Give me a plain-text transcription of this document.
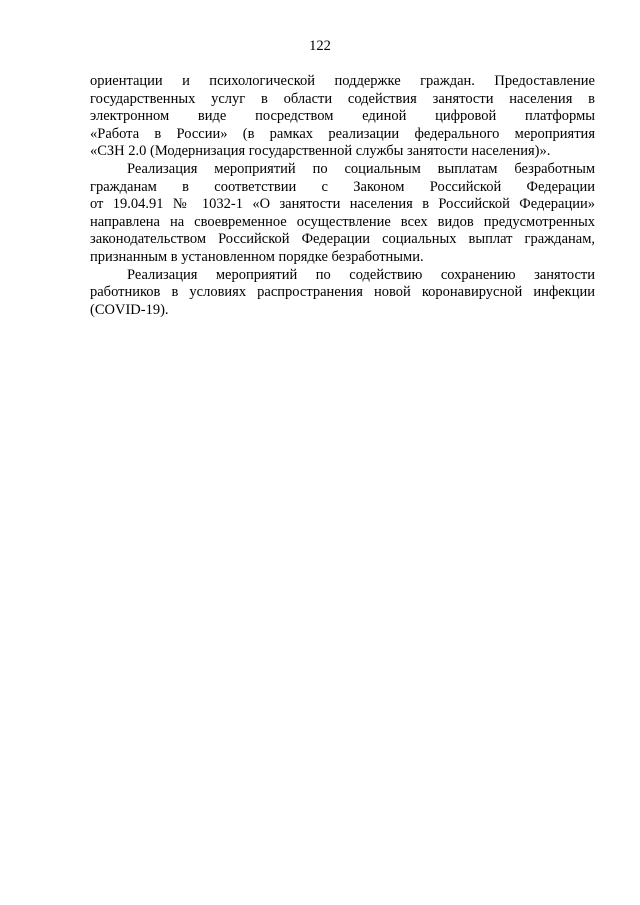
122
ориентации и психологической поддержке граждан. Предоставление
государственных услуг в области содействия занятости населения в
электронном виде посредством единой цифровой платформы
«Работа в России» (в рамках реализации федерального мероприятия
«СЗН 2.0 (Модернизация государственной службы занятости населения)».
Реализация мероприятий по социальным выплатам безработным
гражданам в соответствии с Законом Российской Федерации
от 19.04.91 № 1032-1 «О занятости населения в Российской Федерации»
направлена на своевременное осуществление всех видов предусмотренных
законодательством Российской Федерации социальных выплат гражданам,
признанным в установленном порядке безработными.
Реализация мероприятий по содействию сохранению занятости
работников в условиях распространения новой коронавирусной инфекции
(COVID-19).
